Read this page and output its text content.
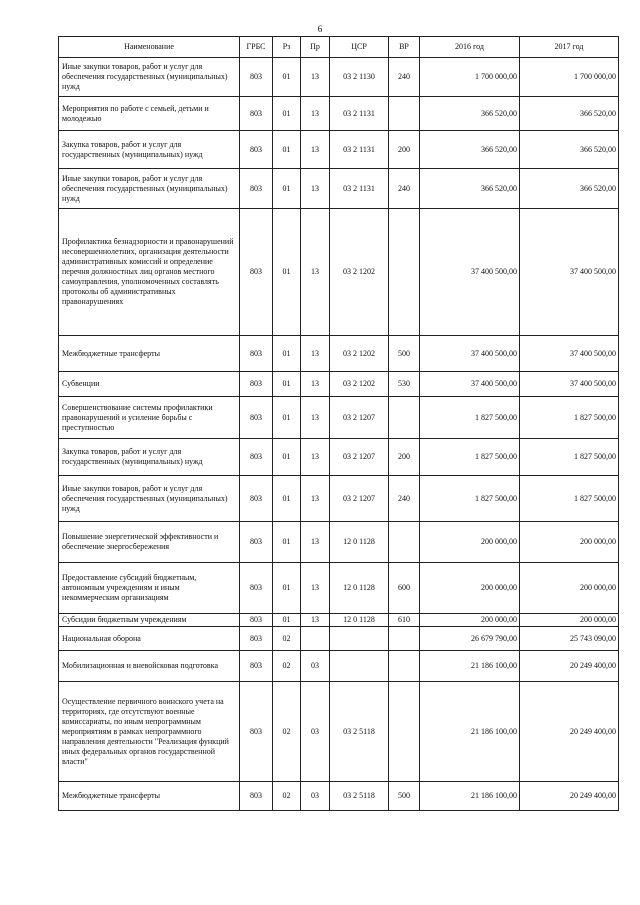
6
Наименование	ГРБС	Рз	Пр	ЦСР	ВР	2016 год	2017 год
Иные закупки товаров, работ и услуг для обеспечения государственных (муниципальных) нужд	803	01	13	03 2 1130	240	1 700 000,00	1 700 000,00
Мероприятия по работе с семьей, детьми и молодежью	803	01	13	03 2 1131		366 520,00	366 520,00
Закупка товаров, работ и услуг для государственных (муниципальных) нужд	803	01	13	03 2 1131	200	366 520,00	366 520,00
Иные закупки товаров, работ и услуг для обеспечения государственных (муниципальных) нужд	803	01	13	03 2 1131	240	366 520,00	366 520,00
Профилактика безнадзорности и правонарушений несовершеннолетних, организация деятельности административных комиссий и определение перечня должностных лиц органов местного самоуправления, уполномоченных составлять протоколы об административных правонарушениях	803	01	13	03 2 1202		37 400 500,00	37 400 500,00
Межбюджетные трансферты	803	01	13	03 2 1202	500	37 400 500,00	37 400 500,00
Субвенции	803	01	13	03 2 1202	530	37 400 500,00	37 400 500,00
Совершенствование системы профилактики правонарушений и усиление борьбы с преступностью	803	01	13	03 2 1207		1 827 500,00	1 827 500,00
Закупка товаров, работ и услуг для государственных (муниципальных) нужд	803	01	13	03 2 1207	200	1 827 500,00	1 827 500,00
Иные закупки товаров, работ и услуг для обеспечения государственных (муниципальных) нужд	803	01	13	03 2 1207	240	1 827 500,00	1 827 500,00
Повышение энергетической эффективности и обеспечение энергосбережения	803	01	13	12 0 1128		200 000,00	200 000,00
Предоставление субсидий бюджетным, автономным учреждениям и иным некоммерческим организациям	803	01	13	12 0 1128	600	200 000,00	200 000,00
Субсидии бюджетным учреждениям	803	01	13	12 0 1128	610	200 000,00	200 000,00
Национальная оборона	803	02				26 679 790,00	25 743 090,00
Мобилизационная и вневойсковая подготовка	803	02	03			21 186 100,00	20 249 400,00
Осуществление первичного воинского учета на территориях, где отсутствуют военные комиссариаты, по иным непрограммным мероприятиям в рамках непрограммного направления деятельности "Реализация функций иных федеральных органов государственной власти"	803	02	03	03 2 5118		21 186 100,00	20 249 400,00
Межбюджетные трансферты	803	02	03	03 2 5118	500	21 186 100,00	20 249 400,00
